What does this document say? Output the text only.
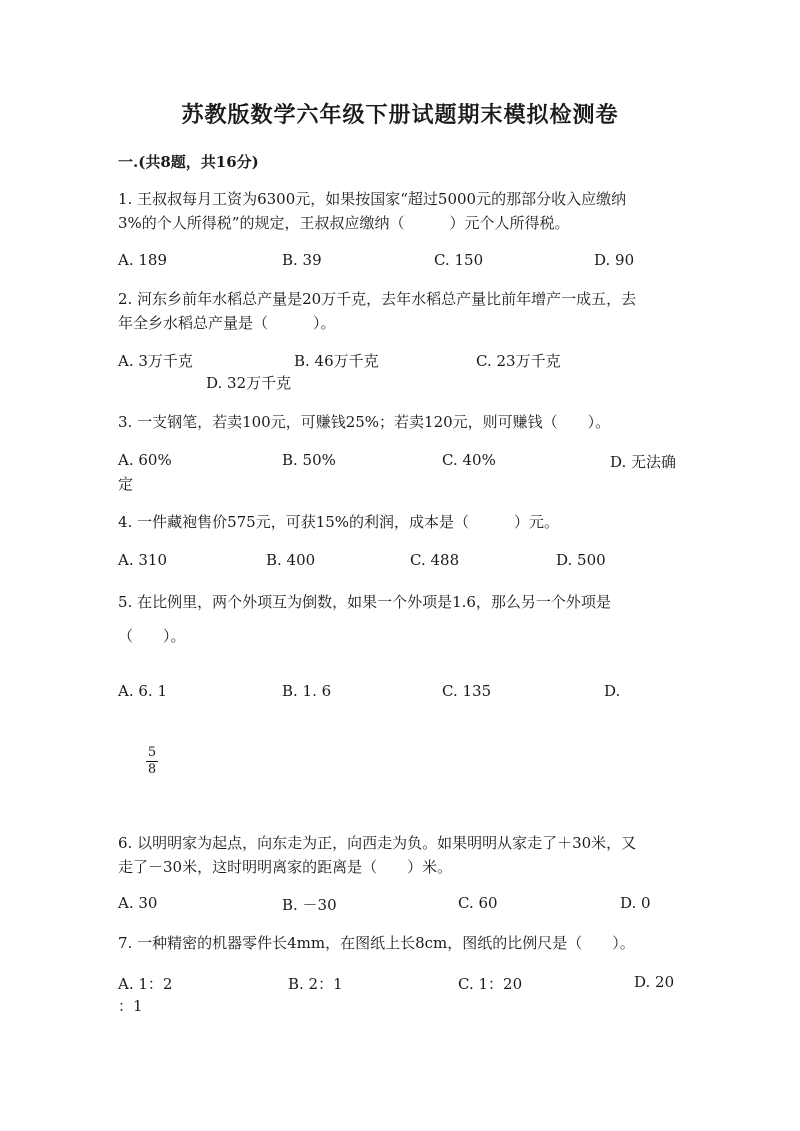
苏教版数学六年级下册试题期末模拟检测卷
一.(共8题，共16分)
1. 王叔叔每月工资为6300元，如果按国家“超过5000元的那部分收入应缴纳
3%的个人所得税”的规定，王叔叔应缴纳（　　　）元个人所得税。
A. 189	B. 39	C. 150	D. 90
2. 河东乡前年水稻总产量是20万千克，去年水稻总产量比前年增产一成五，去
年全乡水稻总产量是（　　　）。
A. 3万千克	B. 46万千克	C. 23万千克
D. 32万千克
3. 一支钢笔，若卖100元，可赚钱25%；若卖120元，则可赚钱（　　）。
A. 60%	B. 50%	C. 40%	D. 无法确
定
4. 一件藏袍售价575元，可获15%的利润，成本是（　　　）元。
A. 310	B. 400	C. 488	D. 500
5. 在比例里，两个外项互为倒数，如果一个外项是1.6，那么另一个外项是
（　　）。
A. 6. 1	B. 1. 6	C. 135	D.
5
8
6. 以明明家为起点，向东走为正，向西走为负。如果明明从家走了＋30米，又
走了－30米，这时明明离家的距离是（　　）米。
A. 30	B. －30	C. 60	D. 0
7. 一种精密的机器零件长4mm，在图纸上长8cm，图纸的比例尺是（　　）。
A. 1：2	B. 2：1	C. 1：20	D. 20
：1
